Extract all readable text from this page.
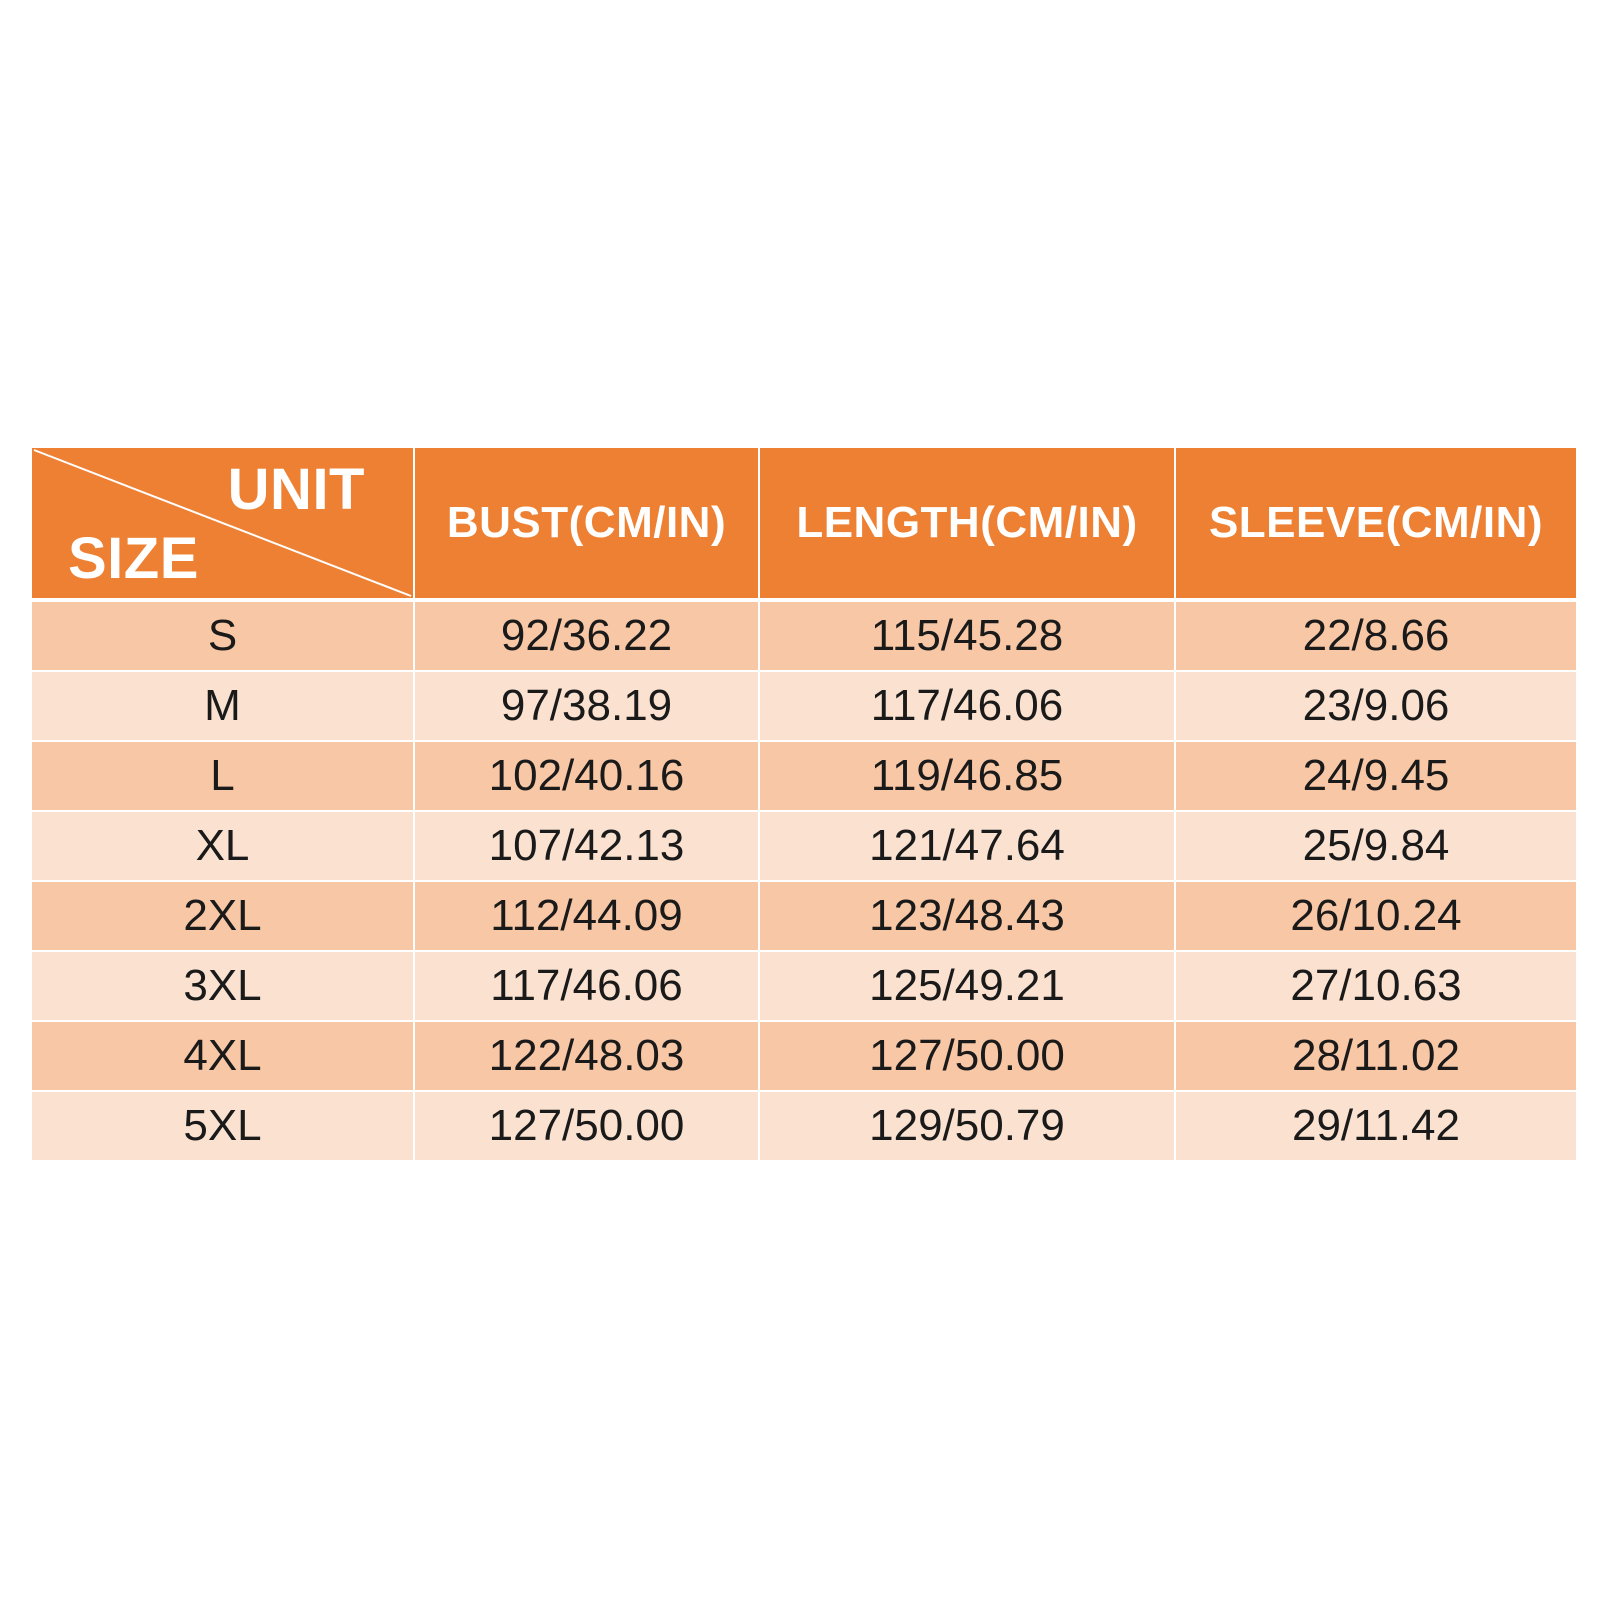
UNIT
SIZE	BUST(CM/IN)	LENGTH(CM/IN)	SLEEVE(CM/IN)
S	92/36.22	115/45.28	22/8.66
M	97/38.19	117/46.06	23/9.06
L	102/40.16	119/46.85	24/9.45
XL	107/42.13	121/47.64	25/9.84
2XL	112/44.09	123/48.43	26/10.24
3XL	117/46.06	125/49.21	27/10.63
4XL	122/48.03	127/50.00	28/11.02
5XL	127/50.00	129/50.79	29/11.42
